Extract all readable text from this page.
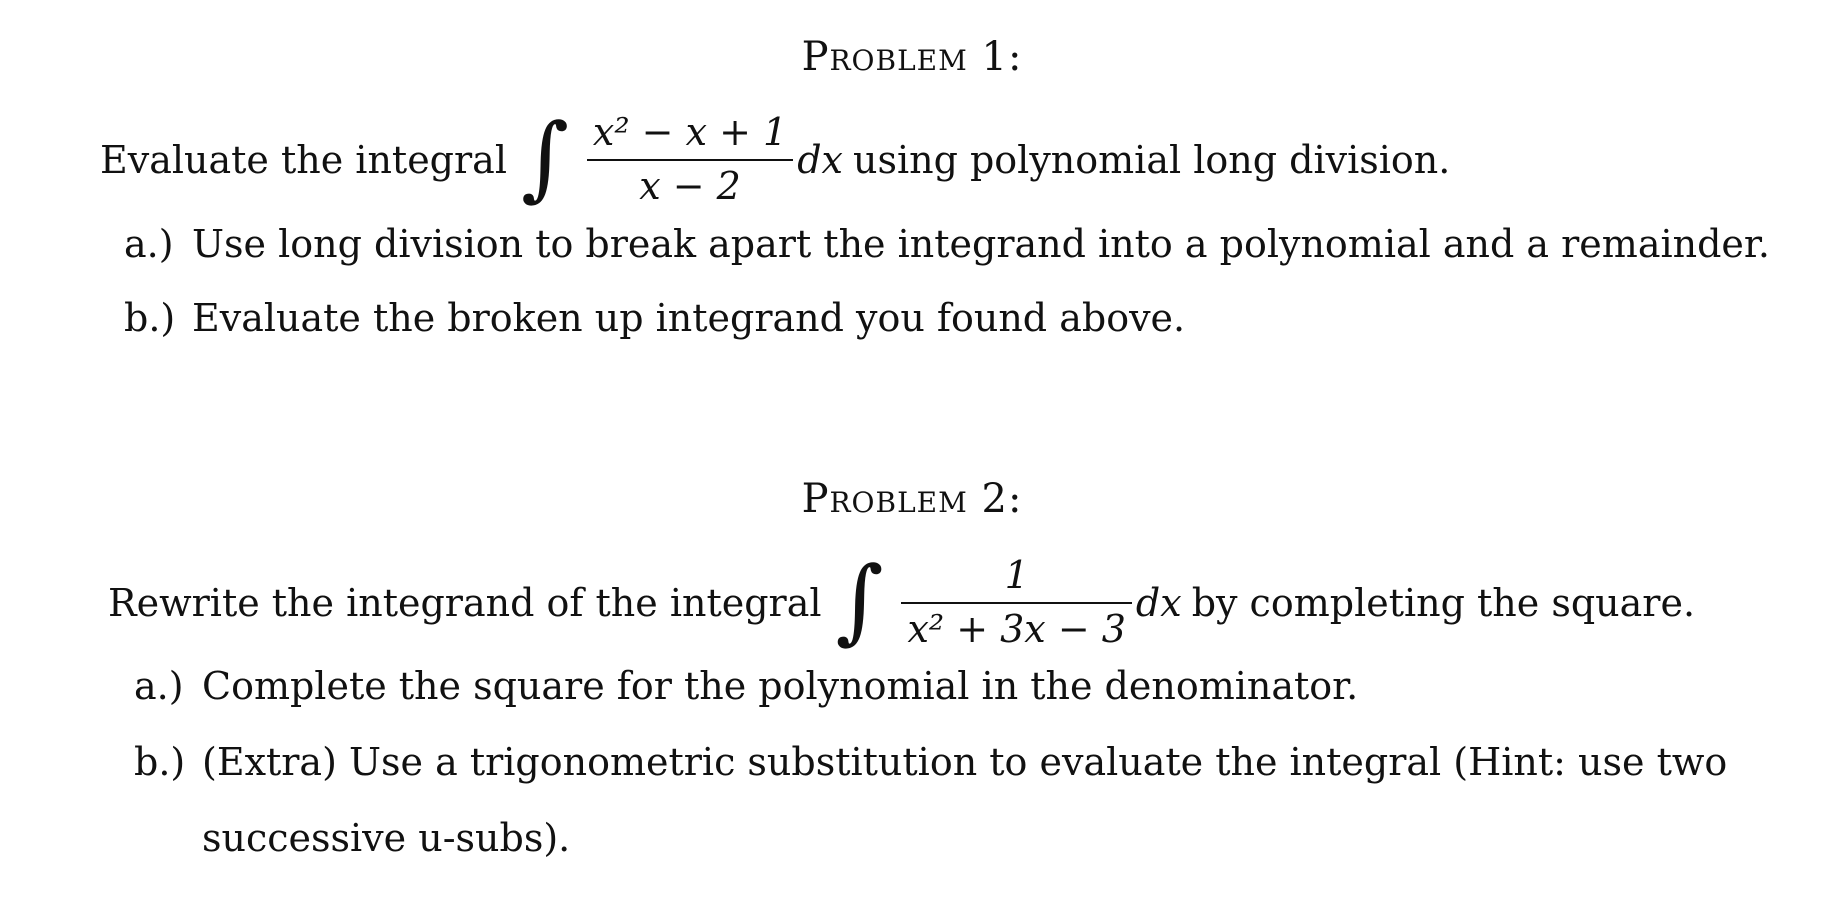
Problem 1:
Evaluate the integral ∫ $\frac{\text{x² − x + 1}}{x - 2}$ dx using polynomial long division.
a.) Use long division to break apart the integrand into a polynomial and a remainder.
b.) Evaluate the broken up integrand you found above.
Problem 2:
Rewrite the integrand of the integral ∫ $\frac{1}{\text{x² + 3x − 3}}$ dx by completing the square.
a.) Complete the square for the polynomial in the denominator.
b.) (Extra) Use a trigonometric substitution to evaluate the integral (Hint: use two
successive u-subs).
